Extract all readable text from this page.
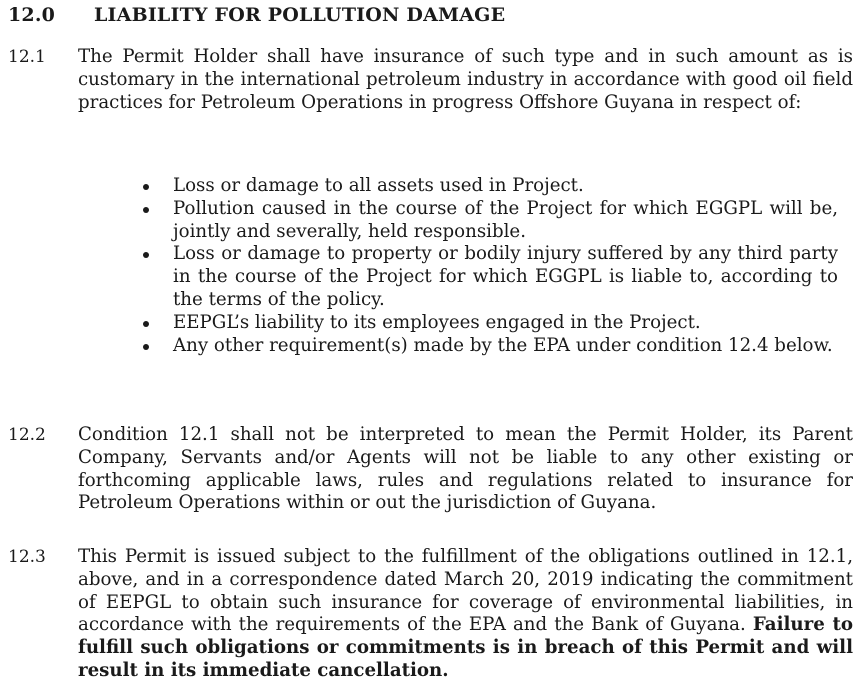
12.0 LIABILITY FOR POLLUTION DAMAGE
12.1 The Permit Holder shall have insurance of such type and in such amount as is customary in the international petroleum industry in accordance with good oil field practices for Petroleum Operations in progress Offshore Guyana in respect of:
Loss or damage to all assets used in Project.
Pollution caused in the course of the Project for which EGGPL will be, jointly and severally, held responsible.
Loss or damage to property or bodily injury suffered by any third party in the course of the Project for which EGGPL is liable to, according to the terms of the policy.
EEPGL’s liability to its employees engaged in the Project.
Any other requirement(s) made by the EPA under condition 12.4 below.
12.2 Condition 12.1 shall not be interpreted to mean the Permit Holder, its Parent Company, Servants and/or Agents will not be liable to any other existing or forthcoming applicable laws, rules and regulations related to insurance for Petroleum Operations within or out the jurisdiction of Guyana.
12.3 This Permit is issued subject to the fulfillment of the obligations outlined in 12.1, above, and in a correspondence dated March 20, 2019 indicating the commitment of EEPGL to obtain such insurance for coverage of environmental liabilities, in accordance with the requirements of the EPA and the Bank of Guyana. Failure to fulfill such obligations or commitments is in breach of this Permit and will result in its immediate cancellation.
